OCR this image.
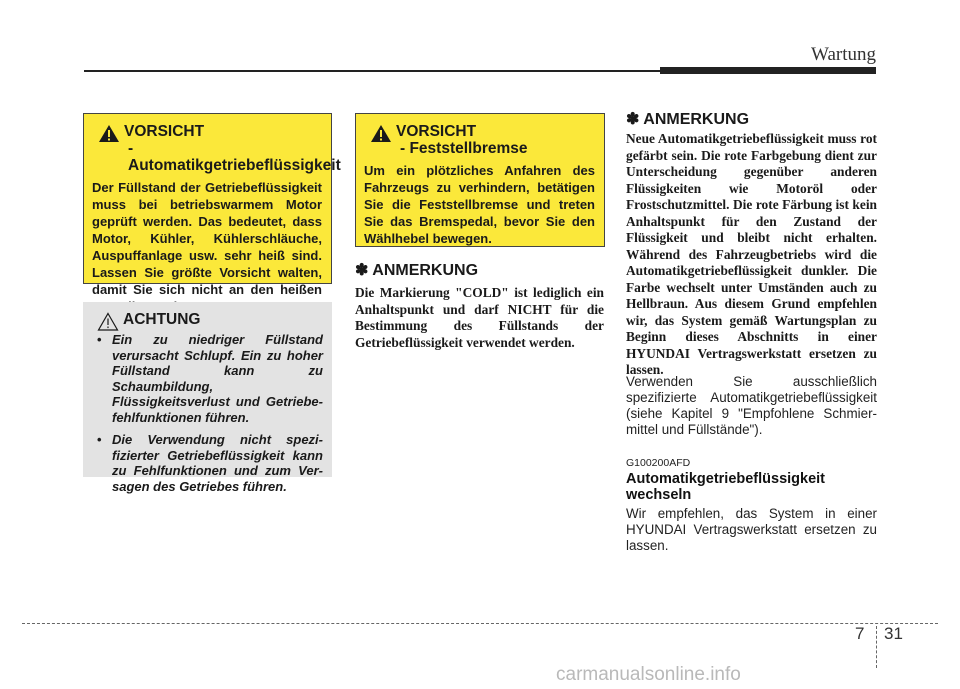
Wartung
VORSICHT
- Automatikgetriebeflüssigkeit
Der Füllstand der Getriebeflüssigkeit muss bei betriebswarmem Motor geprüft werden. Das bedeutet, dass Motor, Kühler, Kühlerschläuche, Auspuffanlage usw. sehr heiß sind. Lassen Sie größte Vorsicht walten, damit Sie sich nicht an den heißen
ACHTUNG
• Ein zu niedriger Füllstand verursacht Schlupf. Ein zu hoher Füllstand kann zu Schaumbildung, Flüssigkeitsverlust und Getriebe-fehlfunktionen führen.
• Die Verwendung nicht spezi-fizierter Getriebeflüssigkeit kann zu Fehlfunktionen und zum Ver-sagen des Getriebes führen.
VORSICHT
- Feststellbremse
Um ein plötzliches Anfahren des Fahrzeugs zu verhindern, betätigen Sie die Feststellbremse und treten Sie das Bremspedal, bevor Sie den Wählhebel bewegen.
✽ ANMERKUNG
Die Markierung "COLD" ist lediglich ein Anhaltspunkt und darf NICHT für die Bestimmung des Füllstands der Getriebeflüssigkeit verwendet werden.
✽ ANMERKUNG
Neue Automatikgetriebeflüssigkeit muss rot gefärbt sein. Die rote Farbgebung dient zur Unterscheidung gegenüber anderen Flüssigkeiten wie Motoröl oder Frostschutzmittel. Die rote Färbung ist kein Anhaltspunkt für den Zustand der Flüssigkeit und bleibt nicht erhalten. Während des Fahrzeugbetriebs wird die Automatikgetriebeflüssigkeit dunkler. Die Farbe wechselt unter Umständen auch zu Hellbraun. Aus diesem Grund empfehlen wir, das System gemäß Wartungsplan zu Beginn dieses Abschnitts in einer HYUNDAI Vertragswerkstatt ersetzen zu lassen.
Verwenden Sie ausschließlich spezifizierte Automatikgetriebeflüssigkeit (siehe Kapitel 9 "Empfohlene Schmier-mittel und Füllstände").
G100200AFD
Automatikgetriebeflüssigkeit wechseln
Wir empfehlen, das System in einer HYUNDAI Vertragswerkstatt ersetzen zu lassen.
7 31
carmanualsonline.info
